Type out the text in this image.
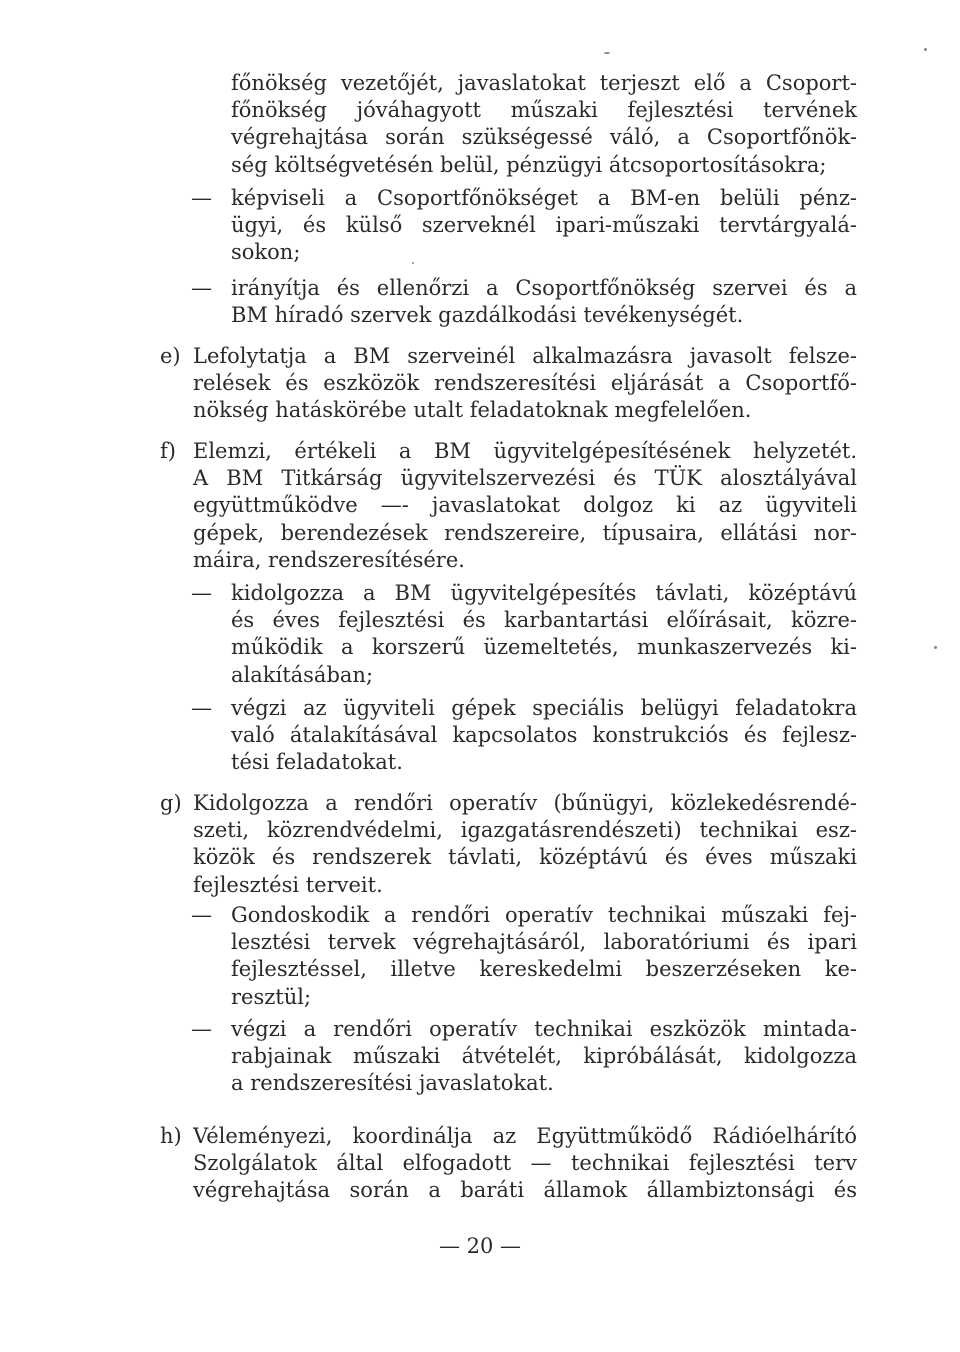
főnökség vezetőjét, javaslatokat terjeszt elő a Csoport-
főnökség jóváhagyott műszaki fejlesztési tervének
végrehajtása során szükségessé váló, a Csoportfőnök-
ség költségvetésén belül, pénzügyi átcsoportosításokra;
— képviseli a Csoportfőnökséget a BM-en belüli pénz-
ügyi, és külső szerveknél ipari-műszaki tervtárgyalá-
sokon;
— irányítja és ellenőrzi a Csoportfőnökség szervei és a
BM híradó szervek gazdálkodási tevékenységét.
e) Lefolytatja a BM szerveinél alkalmazásra javasolt felsze-
relések és eszközök rendszeresítési eljárását a Csoportfő-
nökség hatáskörébe utalt feladatoknak megfelelően.
f) Elemzi, értékeli a BM ügyvitelgépesítésének helyzetét.
A BM Titkárság ügyvitelszervezési és TÜK alosztályával
együttműködve —- javaslatokat dolgoz ki az ügyviteli
gépek, berendezések rendszereire, típusaira, ellátási nor-
máira, rendszeresítésére.
— kidolgozza a BM ügyvitelgépesítés távlati, középtávú
és éves fejlesztési és karbantartási előírásait, közre-
működik a korszerű üzemeltetés, munkaszervezés ki-
alakításában;
— végzi az ügyviteli gépek speciális belügyi feladatokra
való átalakításával kapcsolatos konstrukciós és fejlesz-
tési feladatokat.
g) Kidolgozza a rendőri operatív (bűnügyi, közlekedésrendé-
szeti, közrendvédelmi, igazgatásrendészeti) technikai esz-
közök és rendszerek távlati, középtávú és éves műszaki
fejlesztési terveit.
— Gondoskodik a rendőri operatív technikai műszaki fej-
lesztési tervek végrehajtásáról, laboratóriumi és ipari
fejlesztéssel, illetve kereskedelmi beszerzéseken ke-
resztül;
— végzi a rendőri operatív technikai eszközök mintada-
rabjainak műszaki átvételét, kipróbálását, kidolgozza
a rendszeresítési javaslatokat.
h) Véleményezi, koordinálja az Együttműködő Rádióelhárító
Szolgálatok által elfogadott — technikai fejlesztési terv
végrehajtása során a baráti államok állambiztonsági és
— 20 —
